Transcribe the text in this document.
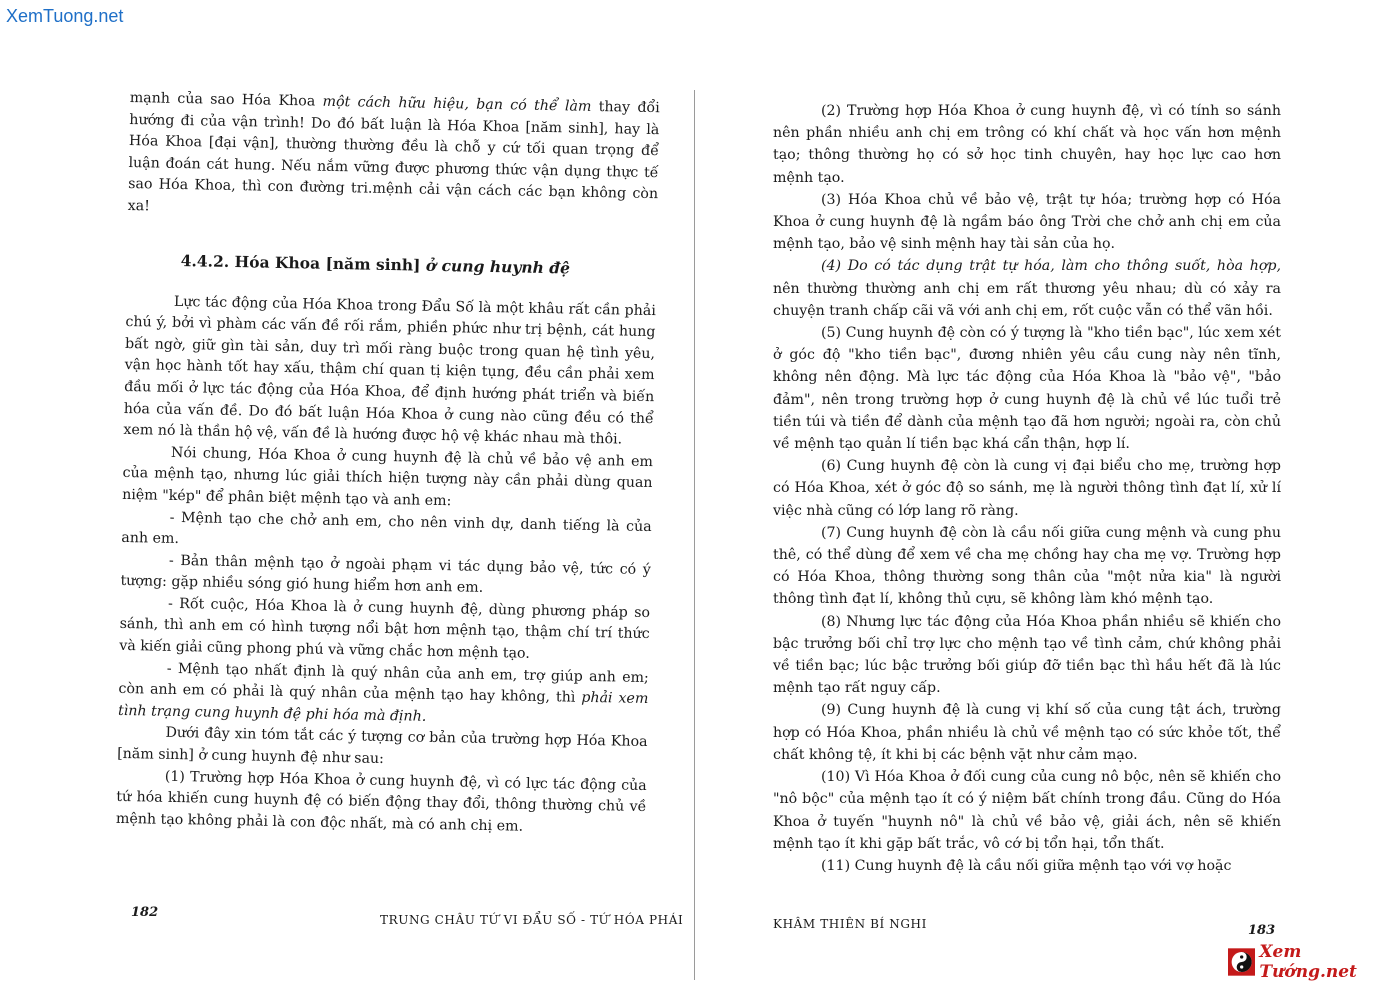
XemTuong.net

mạnh của sao Hóa Khoa một cách hữu hiệu, bạn có thể làm thay đổi hướng đi của vận trình! Do đó bất luận là Hóa Khoa [năm sinh], hay là Hóa Khoa [đại vận], thường thường đều là chỗ y cứ tối quan trọng để luận đoán cát hung. Nếu nắm vững được phương thức vận dụng thực tế sao Hóa Khoa, thì con đường tri.mệnh cải vận cách các bạn không còn xa!

4.4.2. Hóa Khoa [năm sinh] ở cung huynh đệ

Lực tác động của Hóa Khoa trong Đẩu Số là một khâu rất cần phải chú ý, bởi vì phàm các vấn đề rối rắm, phiền phức như trị bệnh, cát hung bất ngờ, giữ gìn tài sản, duy trì mối ràng buộc trong quan hệ tình yêu, vận học hành tốt hay xấu, thậm chí quan tị kiện tụng, đều cần phải xem đầu mối ở lực tác động của Hóa Khoa, để định hướng phát triển và biến hóa của vấn đề. Do đó bất luận Hóa Khoa ở cung nào cũng đều có thể xem nó là thần hộ vệ, vấn đề là hướng được hộ vệ khác nhau mà thôi.

Nói chung, Hóa Khoa ở cung huynh đệ là chủ về bảo vệ anh em của mệnh tạo, nhưng lúc giải thích hiện tượng này cần phải dùng quan niệm "kép" để phân biệt mệnh tạo và anh em:

- Mệnh tạo che chở anh em, cho nên vinh dự, danh tiếng là của anh em.

- Bản thân mệnh tạo ở ngoài phạm vi tác dụng bảo vệ, tức có ý tượng: gặp nhiều sóng gió hung hiểm hơn anh em.

- Rốt cuộc, Hóa Khoa là ở cung huynh đệ, dùng phương pháp so sánh, thì anh em có hình tượng nổi bật hơn mệnh tạo, thậm chí trí thức và kiến giải cũng phong phú và vững chắc hơn mệnh tạo.

- Mệnh tạo nhất định là quý nhân của anh em, trợ giúp anh em; còn anh em có phải là quý nhân của mệnh tạo hay không, thì phải xem tình trạng cung huynh đệ phi hóa mà định.

Dưới đây xin tóm tắt các ý tượng cơ bản của trường hợp Hóa Khoa [năm sinh] ở cung huynh đệ như sau:

(1) Trường hợp Hóa Khoa ở cung huynh đệ, vì có lực tác động của tứ hóa khiến cung huynh đệ có biến động thay đổi, thông thường chủ về mệnh tạo không phải là con độc nhất, mà có anh chị em.

182	TRUNG CHÂU TỨ VI ĐẨU SỐ - TỨ HÓA PHÁI

(2) Trường hợp Hóa Khoa ở cung huynh đệ, vì có tính so sánh nên phần nhiều anh chị em trông có khí chất và học vấn hơn mệnh tạo; thông thường họ có sở học tinh chuyên, hay học lực cao hơn mệnh tạo.

(3) Hóa Khoa chủ về bảo vệ, trật tự hóa; trường hợp có Hóa Khoa ở cung huynh đệ là ngầm báo ông Trời che chở anh chị em của mệnh tạo, bảo vệ sinh mệnh hay tài sản của họ.

(4) Do có tác dụng trật tự hóa, làm cho thông suốt, hòa hợp, nên thường thường anh chị em rất thương yêu nhau; dù có xảy ra chuyện tranh chấp cãi vã với anh chị em, rốt cuộc vẫn có thể vãn hồi.

(5) Cung huynh đệ còn có ý tượng là "kho tiền bạc", lúc xem xét ở góc độ "kho tiền bạc", đương nhiên yêu cầu cung này nên tĩnh, không nên động. Mà lực tác động của Hóa Khoa là "bảo vệ", "bảo đảm", nên trong trường hợp ở cung huynh đệ là chủ về lúc tuổi trẻ tiền túi và tiền để dành của mệnh tạo đã hơn người; ngoài ra, còn chủ về mệnh tạo quản lí tiền bạc khá cẩn thận, hợp lí.

(6) Cung huynh đệ còn là cung vị đại biểu cho mẹ, trường hợp có Hóa Khoa, xét ở góc độ so sánh, mẹ là người thông tình đạt lí, xử lí việc nhà cũng có lớp lang rõ ràng.

(7) Cung huynh đệ còn là cầu nối giữa cung mệnh và cung phu thê, có thể dùng để xem về cha mẹ chồng hay cha mẹ vợ. Trường hợp có Hóa Khoa, thông thường song thân của "một nửa kia" là người thông tình đạt lí, không thủ cựu, sẽ không làm khó mệnh tạo.

(8) Nhưng lực tác động của Hóa Khoa phần nhiều sẽ khiến cho bậc trưởng bối chỉ trợ lực cho mệnh tạo về tình cảm, chứ không phải về tiền bạc; lúc bậc trưởng bối giúp đỡ tiền bạc thì hầu hết đã là lúc mệnh tạo rất nguy cấp.

(9) Cung huynh đệ là cung vị khí số của cung tật ách, trường hợp có Hóa Khoa, phần nhiều là chủ về mệnh tạo có sức khỏe tốt, thể chất không tệ, ít khi bị các bệnh vặt như cảm mạo.

(10) Vì Hóa Khoa ở đối cung của cung nô bộc, nên sẽ khiến cho "nô bộc" của mệnh tạo ít có ý niệm bất chính trong đầu. Cũng do Hóa Khoa ở tuyến "huynh nô" là chủ về bảo vệ, giải ách, nên sẽ khiến mệnh tạo ít khi gặp bất trắc, vô cớ bị tổn hại, tổn thất.

(11) Cung huynh đệ là cầu nối giữa mệnh tạo với vợ hoặc

KHÂM THIÊN BÍ NGHI	183
Xem Tướng.net
